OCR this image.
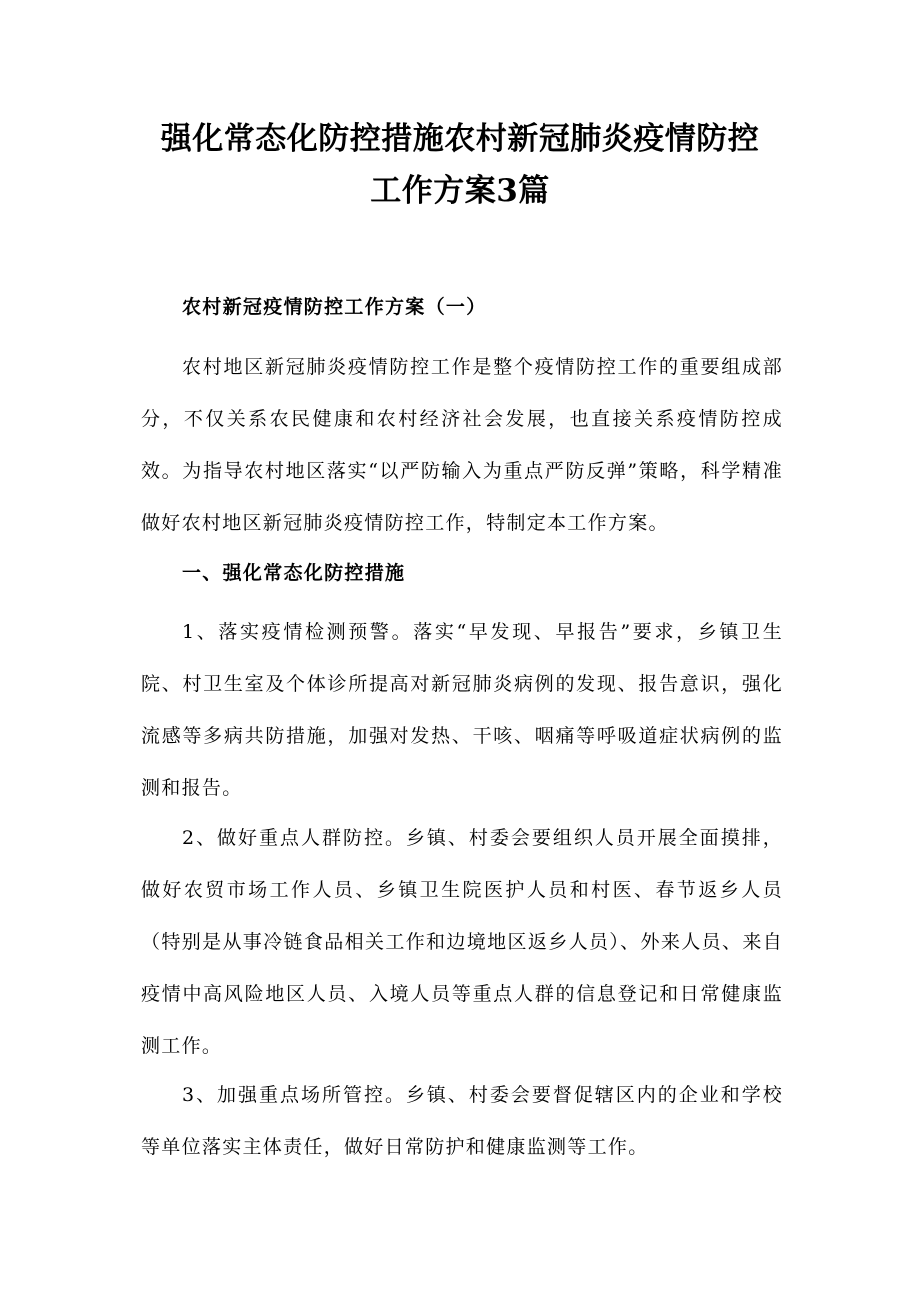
强化常态化防控措施农村新冠肺炎疫情防控工作方案3篇
农村新冠疫情防控工作方案（一）
农村地区新冠肺炎疫情防控工作是整个疫情防控工作的重要组成部分，不仅关系农民健康和农村经济社会发展，也直接关系疫情防控成效。为指导农村地区落实“以严防输入为重点严防反弹”策略，科学精准做好农村地区新冠肺炎疫情防控工作，特制定本工作方案。
一、强化常态化防控措施
1、落实疫情检测预警。落实“早发现、早报告”要求，乡镇卫生院、村卫生室及个体诊所提高对新冠肺炎病例的发现、报告意识，强化流感等多病共防措施，加强对发热、干咳、咽痛等呼吸道症状病例的监测和报告。
2、做好重点人群防控。乡镇、村委会要组织人员开展全面摸排，做好农贸市场工作人员、乡镇卫生院医护人员和村医、春节返乡人员（特别是从事冷链食品相关工作和边境地区返乡人员）、外来人员、来自疫情中高风险地区人员、入境人员等重点人群的信息登记和日常健康监测工作。
3、加强重点场所管控。乡镇、村委会要督促辖区内的企业和学校等单位落实主体责任，做好日常防护和健康监测等工作。
